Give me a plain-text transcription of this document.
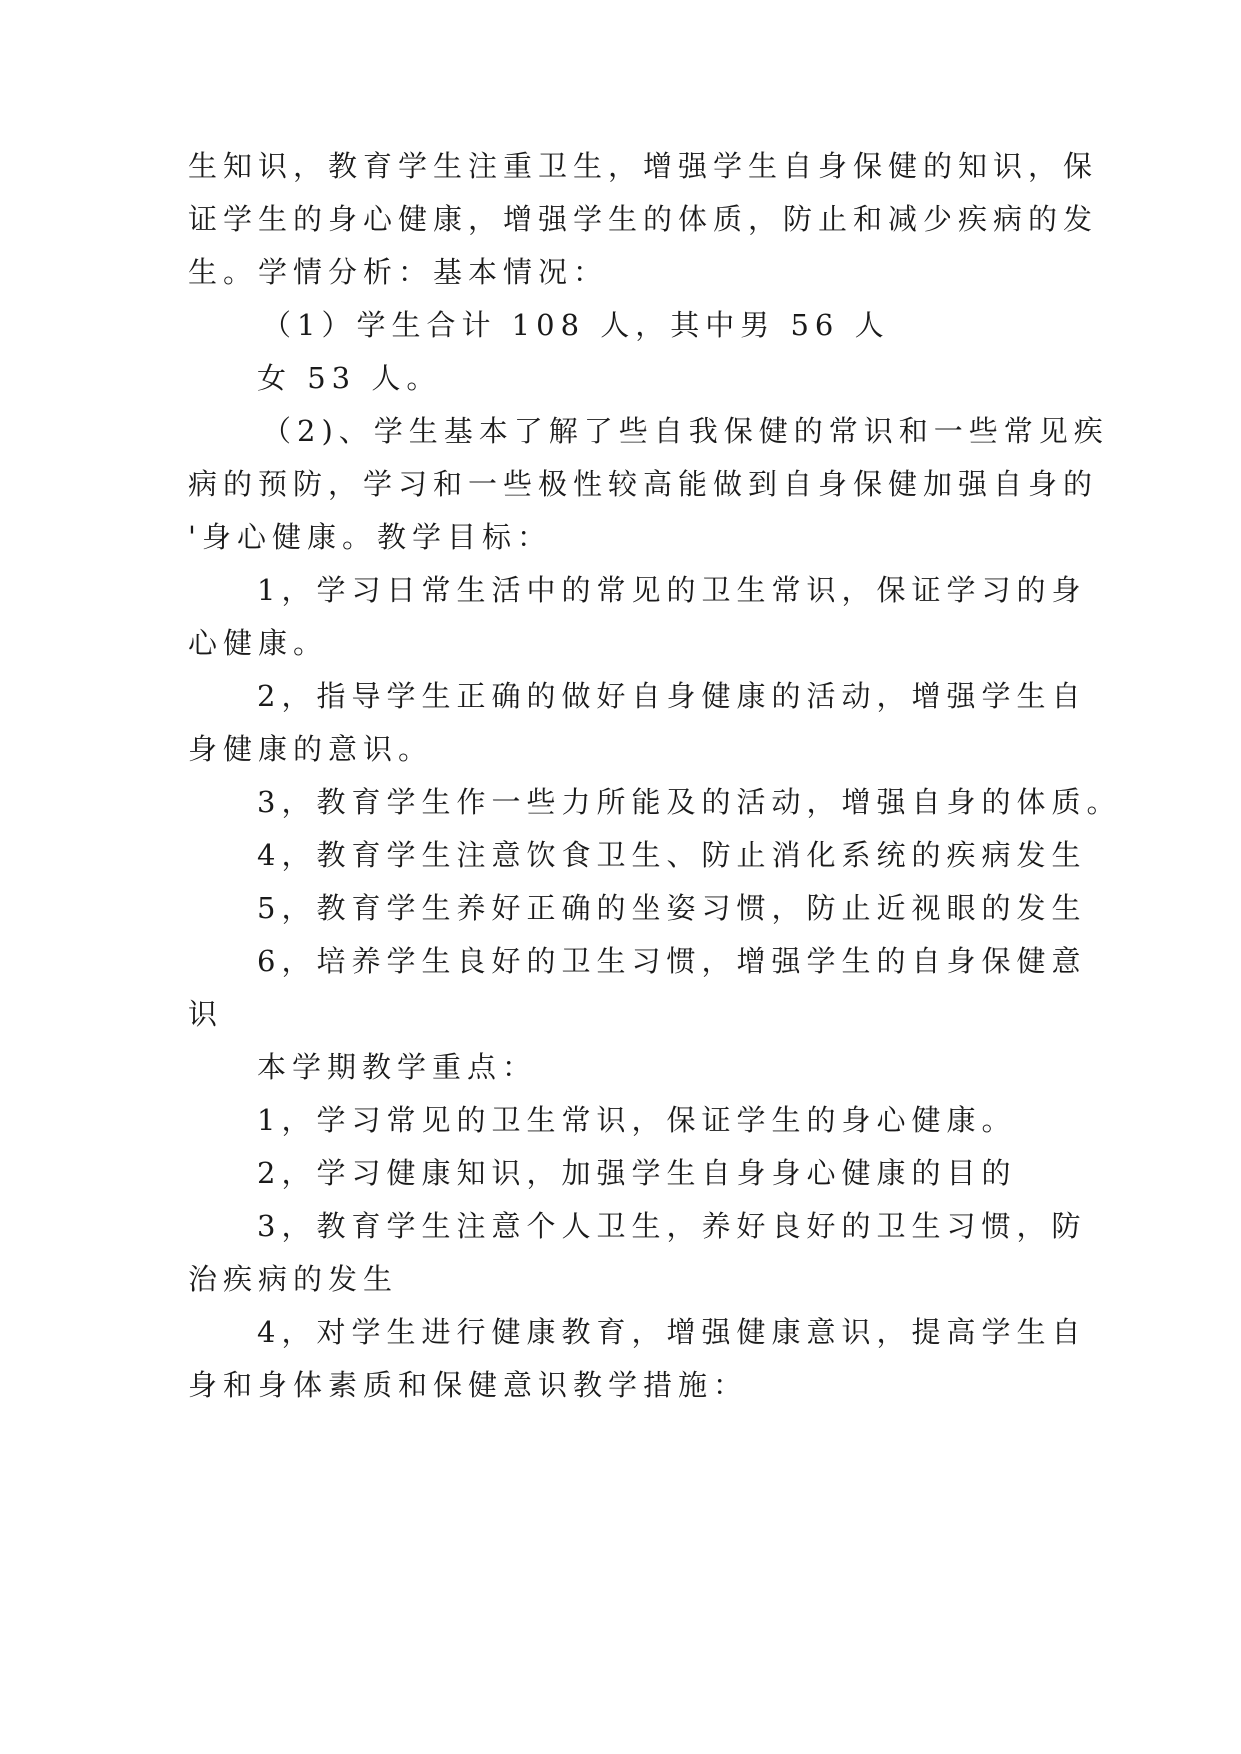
生知识，教育学生注重卫生，增强学生自身保健的知识，保
证学生的身心健康，增强学生的体质，防止和减少疾病的发
生。学情分析：基本情况：
（1）学生合计 108 人，其中男 56 人
女 53 人。
（2)、学生基本了解了些自我保健的常识和一些常见疾
病的预防，学习和一些极性较高能做到自身保健加强自身的
'身心健康。教学目标：
1，学习日常生活中的常见的卫生常识，保证学习的身
心健康。
2，指导学生正确的做好自身健康的活动，增强学生自
身健康的意识。
3，教育学生作一些力所能及的活动，增强自身的体质。
4，教育学生注意饮食卫生、防止消化系统的疾病发生
5，教育学生养好正确的坐姿习惯，防止近视眼的发生
6，培养学生良好的卫生习惯，增强学生的自身保健意
识
本学期教学重点：
1，学习常见的卫生常识，保证学生的身心健康。
2，学习健康知识，加强学生自身身心健康的目的
3，教育学生注意个人卫生，养好良好的卫生习惯，防
治疾病的发生
4，对学生进行健康教育，增强健康意识，提高学生自
身和身体素质和保健意识教学措施：
